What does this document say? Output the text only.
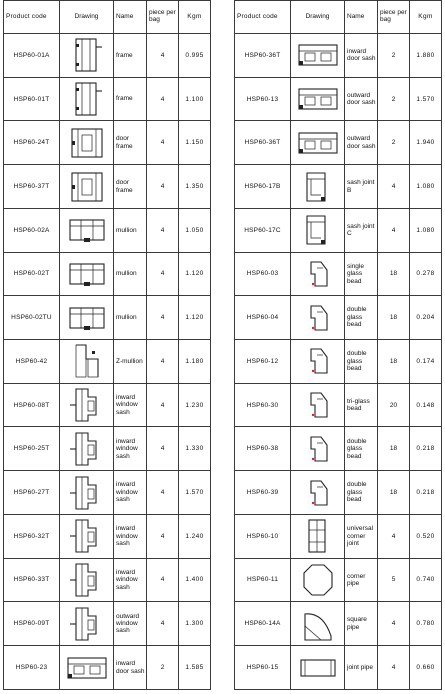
Product code	Drawing	Name	piece per bag	Kgm
HSP60-01A		frame	4	0.995
HSP60-01T		frame	4	1.100
HSP60-24T		door frame	4	1.150
HSP60-37T		door frame	4	1.350
HSP60-02A		mullion	4	1.050
HSP60-02T		mullion	4	1.120
HSP60-02TU		mullion	4	1.120
HSP60-42		Z-mullion	4	1.180
HSP60-08T		inward window sash	4	1.230
HSP60-25T		inward window sash	4	1.330
HSP60-27T		inward window sash	4	1.570
HSP60-32T		inward window sash	4	1.240
HSP60-33T		inward window sash	4	1.400
HSP60-09T		outward window sash	4	1.300
HSP60-23		inward door sash	2	1.585
Product code	Drawing	Name	piece per bag	Kgm
HSP60-36T		inward door sash	2	1.880
HSP60-13		outward door sash	2	1.570
HSP60-36T		outward door sash	2	1.940
HSP60-17B		sash joint B	4	1.080
HSP60-17C		sash joint C	4	1.080
HSP60-03		single glass bead	18	0.278
HSP60-04		double glass bead	18	0.204
HSP60-12		double glass bead	18	0.174
HSP60-30		tri-glass bead	20	0.148
HSP60-38		double glass bead	18	0.218
HSP60-39		double glass bead	18	0.218
HSP60-10		universal corner joint	4	0.520
HSP60-11		corner pipe	5	0.740
HSP60-14A		square pipe	4	0.780
HSP60-15		joint pipe	4	0.660
